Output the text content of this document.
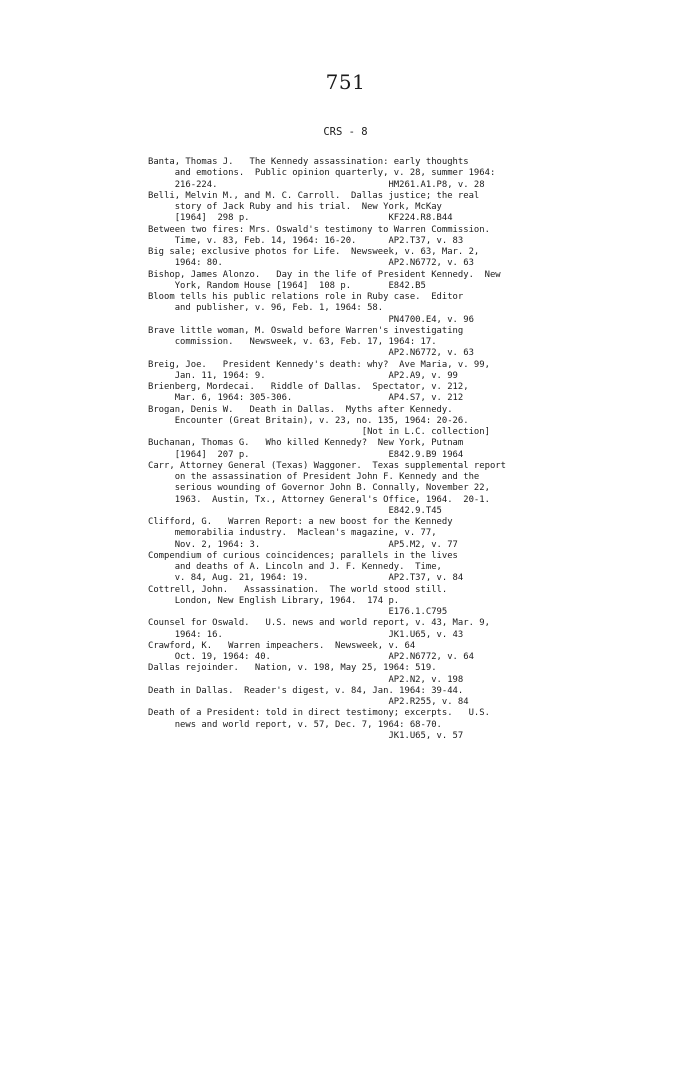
751
CRS - 8
Banta, Thomas J.   The Kennedy assassination: early thoughts
and emotions.  Public opinion quarterly, v. 28, summer 1964:
216-224.                                HM261.A1.P8, v. 28
Belli, Melvin M., and M. C. Carroll.  Dallas justice; the real
story of Jack Ruby and his trial.  New York, McKay
[1964]  298 p.                          KF224.R8.B44
Between two fires: Mrs. Oswald's testimony to Warren Commission.
Time, v. 83, Feb. 14, 1964: 16-20.      AP2.T37, v. 83
Big sale; exclusive photos for Life.  Newsweek, v. 63, Mar. 2,
1964: 80.                               AP2.N6772, v. 63
Bishop, James Alonzo.   Day in the life of President Kennedy.  New
York, Random House [1964]  108 p.       E842.B5
Bloom tells his public relations role in Ruby case.  Editor
and publisher, v. 96, Feb. 1, 1964: 58.
PN4700.E4, v. 96
Brave little woman, M. Oswald before Warren's investigating
commission.   Newsweek, v. 63, Feb. 17, 1964: 17.
AP2.N6772, v. 63
Breig, Joe.   President Kennedy's death: why?  Ave Maria, v. 99,
Jan. 11, 1964: 9.                       AP2.A9, v. 99
Brienberg, Mordecai.   Riddle of Dallas.  Spectator, v. 212,
Mar. 6, 1964: 305-306.                  AP4.S7, v. 212
Brogan, Denis W.   Death in Dallas.  Myths after Kennedy.
Encounter (Great Britain), v. 23, no. 135, 1964: 20-26.
[Not in L.C. collection]
Buchanan, Thomas G.   Who killed Kennedy?  New York, Putnam
[1964]  207 p.                          E842.9.B9 1964
Carr, Attorney General (Texas) Waggoner.  Texas supplemental report
on the assassination of President John F. Kennedy and the
serious wounding of Governor John B. Connally, November 22,
1963.  Austin, Tx., Attorney General's Office, 1964.  20-1.
E842.9.T45
Clifford, G.   Warren Report: a new boost for the Kennedy
memorabilia industry.  Maclean's magazine, v. 77,
Nov. 2, 1964: 3.                        AP5.M2, v. 77
Compendium of curious coincidences; parallels in the lives
and deaths of A. Lincoln and J. F. Kennedy.  Time,
v. 84, Aug. 21, 1964: 19.               AP2.T37, v. 84
Cottrell, John.   Assassination.  The world stood still.
London, New English Library, 1964.  174 p.
E176.1.C795
Counsel for Oswald.   U.S. news and world report, v. 43, Mar. 9,
1964: 16.                               JK1.U65, v. 43
Crawford, K.   Warren impeachers.  Newsweek, v. 64
Oct. 19, 1964: 40.                      AP2.N6772, v. 64
Dallas rejoinder.   Nation, v. 198, May 25, 1964: 519.
AP2.N2, v. 198
Death in Dallas.  Reader's digest, v. 84, Jan. 1964: 39-44.
AP2.R255, v. 84
Death of a President: told in direct testimony; excerpts.   U.S.
news and world report, v. 57, Dec. 7, 1964: 68-70.
JK1.U65, v. 57
